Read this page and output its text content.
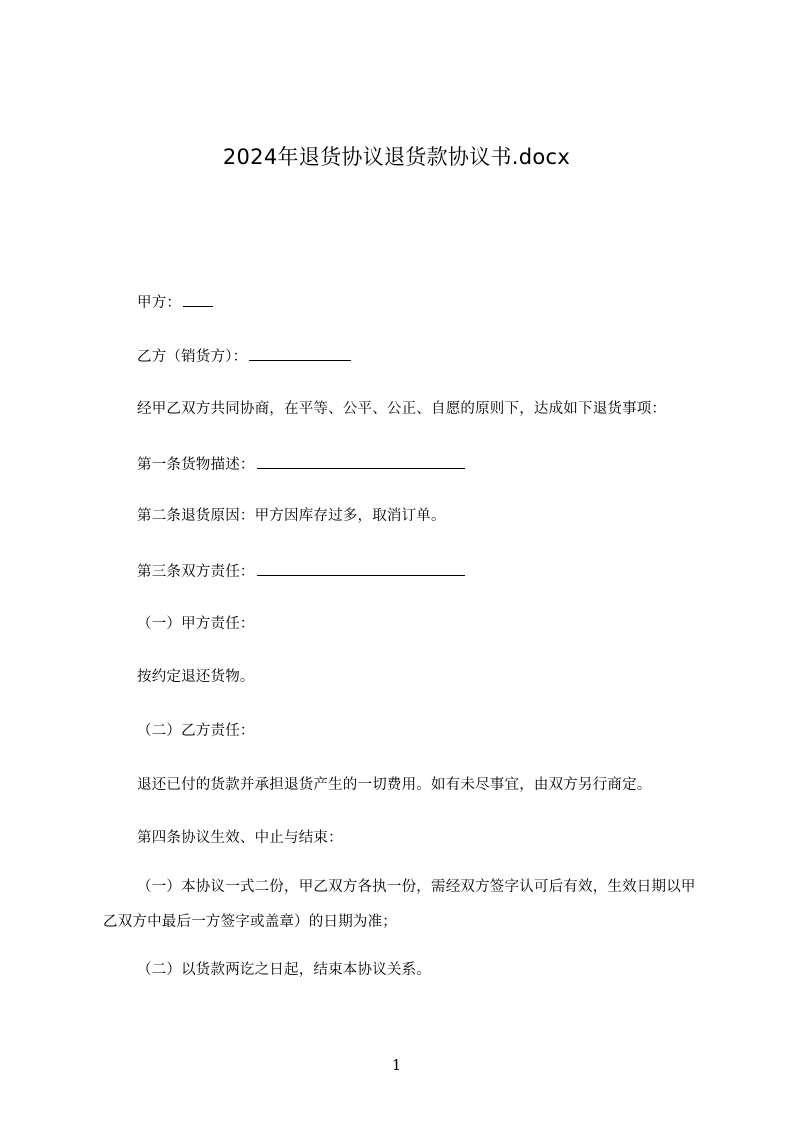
2024年退货协议退货款协议书.docx
甲方：
乙方（销货方）：
经甲乙双方共同协商，在平等、公平、公正、自愿的原则下，达成如下退货事项：
第一条货物描述：
第二条退货原因：甲方因库存过多，取消订单。
第三条双方责任：
（一）甲方责任：
按约定退还货物。
（二）乙方责任：
退还已付的货款并承担退货产生的一切费用。如有未尽事宜，由双方另行商定。
第四条协议生效、中止与结束：
（一）本协议一式二份，甲乙双方各执一份，需经双方签字认可后有效，生效日期以甲乙双方中最后一方签字或盖章）的日期为准；
（二）以货款两讫之日起，结束本协议关系。
1
